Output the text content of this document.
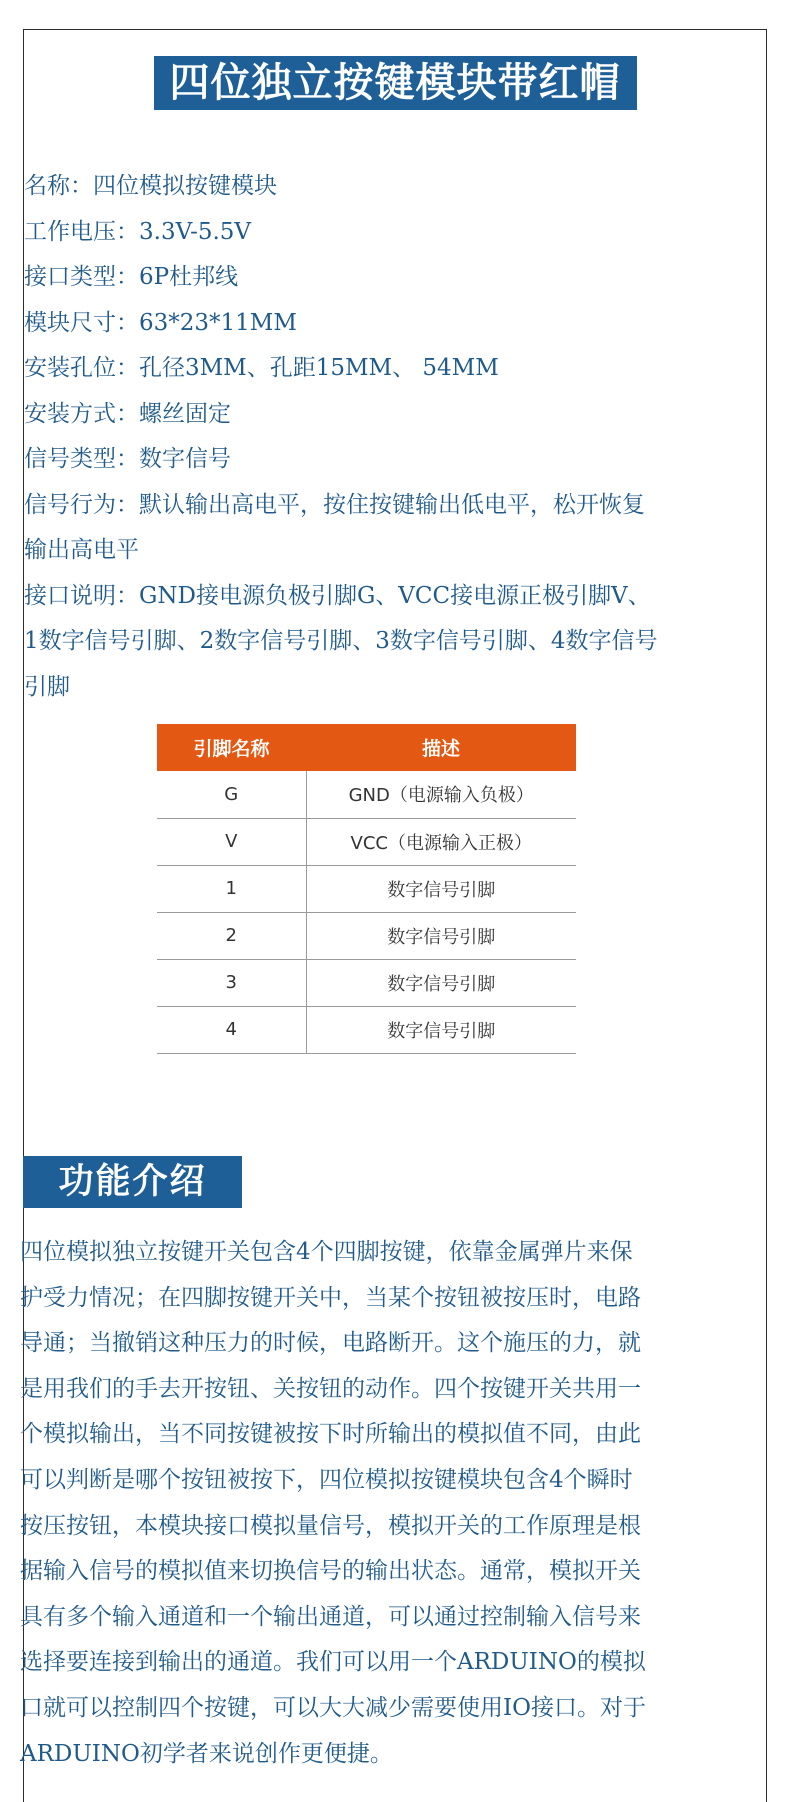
四位独立按键模块带红帽
名称：四位模拟按键模块
工作电压：3.3V-5.5V
接口类型：6P杜邦线
模块尺寸：63*23*11MM
安装孔位：孔径3MM、孔距15MM、 54MM
安装方式：螺丝固定
信号类型：数字信号
信号行为：默认输出高电平，按住按键输出低电平，松开恢复
输出高电平
接口说明：GND接电源负极引脚G、VCC接电源正极引脚V、
1数字信号引脚、2数字信号引脚、3数字信号引脚、4数字信号
引脚
引脚名称	描述
G	GND（电源输入负极）
V	VCC（电源输入正极）
1	数字信号引脚
2	数字信号引脚
3	数字信号引脚
4	数字信号引脚
功能介绍
四位模拟独立按键开关包含4个四脚按键，依靠金属弹片来保
护受力情况；在四脚按键开关中，当某个按钮被按压时，电路
导通；当撤销这种压力的时候，电路断开。这个施压的力，就
是用我们的手去开按钮、关按钮的动作。四个按键开关共用一
个模拟输出，当不同按键被按下时所输出的模拟值不同，由此
可以判断是哪个按钮被按下，四位模拟按键模块包含4个瞬时
按压按钮，本模块接口模拟量信号，模拟开关的工作原理是根
据输入信号的模拟值来切换信号的输出状态。通常，模拟开关
具有多个输入通道和一个输出通道，可以通过控制输入信号来
选择要连接到输出的通道。我们可以用一个ARDUINO的模拟
口就可以控制四个按键，可以大大减少需要使用IO接口。对于
ARDUINO初学者来说创作更便捷。
